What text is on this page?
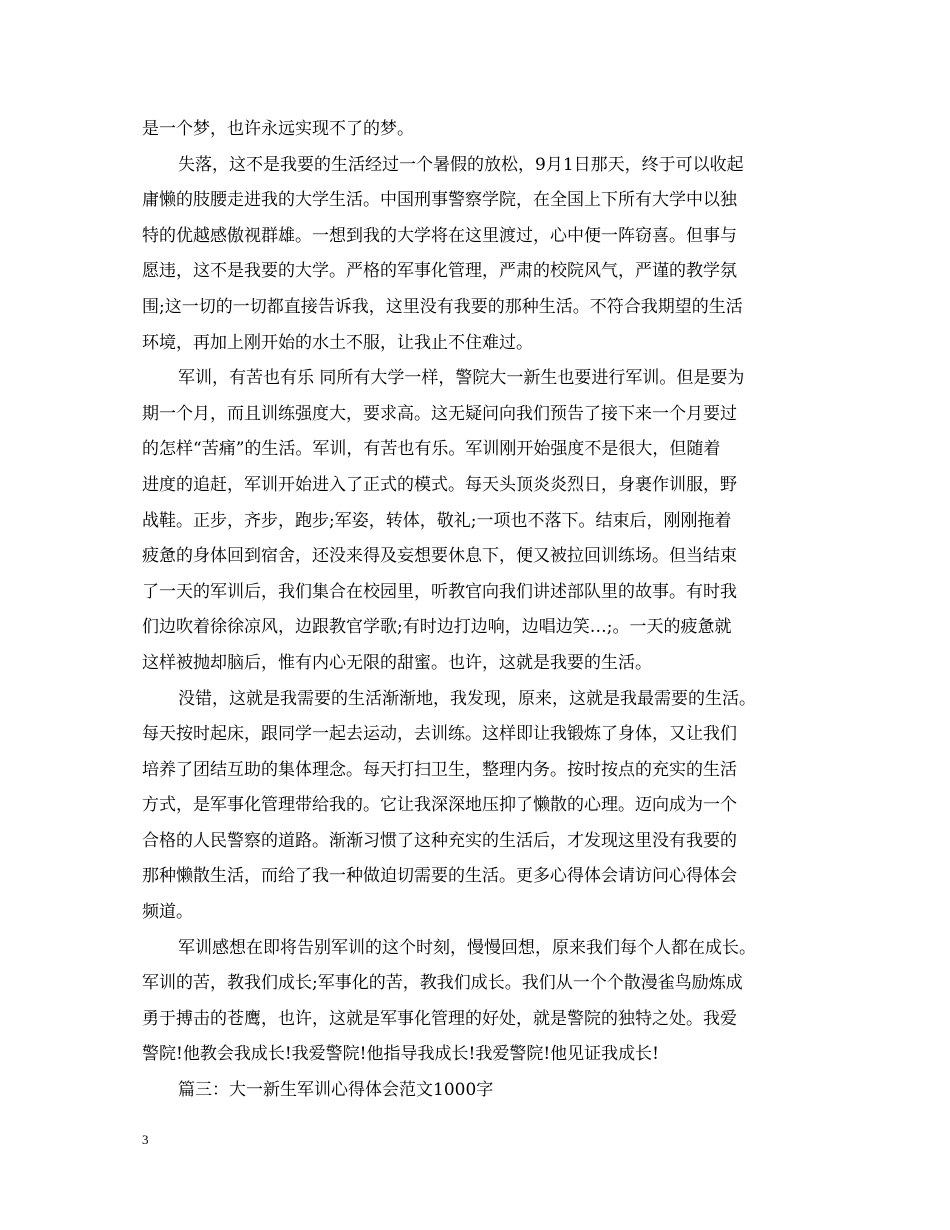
是一个梦，也许永远实现不了的梦。
失落，这不是我要的生活经过一个暑假的放松，9月1日那天，终于可以收起
庸懒的肢腰走进我的大学生活。中国刑事警察学院，在全国上下所有大学中以独
特的优越感傲视群雄。一想到我的大学将在这里渡过，心中便一阵窃喜。但事与
愿违，这不是我要的大学。严格的军事化管理，严肃的校院风气，严谨的教学氛
围;这一切的一切都直接告诉我，这里没有我要的那种生活。不符合我期望的生活
环境，再加上刚开始的水土不服，让我止不住难过。
军训，有苦也有乐 同所有大学一样，警院大一新生也要进行军训。但是要为
期一个月，而且训练强度大，要求高。这无疑问向我们预告了接下来一个月要过
的怎样“苦痛”的生活。军训，有苦也有乐。军训刚开始强度不是很大，但随着
进度的追赶，军训开始进入了正式的模式。每天头顶炎炎烈日，身裹作训服，野
战鞋。正步，齐步，跑步;军姿，转体，敬礼;一项也不落下。结束后，刚刚拖着
疲惫的身体回到宿舍，还没来得及妄想要休息下，便又被拉回训练场。但当结束
了一天的军训后，我们集合在校园里，听教官向我们讲述部队里的故事。有时我
们边吹着徐徐凉风，边跟教官学歌;有时边打边响，边唱边笑…;。一天的疲惫就
这样被抛却脑后，惟有内心无限的甜蜜。也许，这就是我要的生活。
没错，这就是我需要的生活渐渐地，我发现，原来，这就是我最需要的生活。
每天按时起床，跟同学一起去运动，去训练。这样即让我锻炼了身体，又让我们
培养了团结互助的集体理念。每天打扫卫生，整理内务。按时按点的充实的生活
方式，是军事化管理带给我的。它让我深深地压抑了懒散的心理。迈向成为一个
合格的人民警察的道路。渐渐习惯了这种充实的生活后，才发现这里没有我要的
那种懒散生活，而给了我一种做迫切需要的生活。更多心得体会请访问心得体会
频道。
军训感想在即将告别军训的这个时刻，慢慢回想，原来我们每个人都在成长。
军训的苦，教我们成长;军事化的苦，教我们成长。我们从一个个散漫雀鸟励炼成
勇于搏击的苍鹰，也许，这就是军事化管理的好处，就是警院的独特之处。我爱
警院!他教会我成长!我爱警院!他指导我成长!我爱警院!他见证我成长!
篇三：大一新生军训心得体会范文1000字
3
